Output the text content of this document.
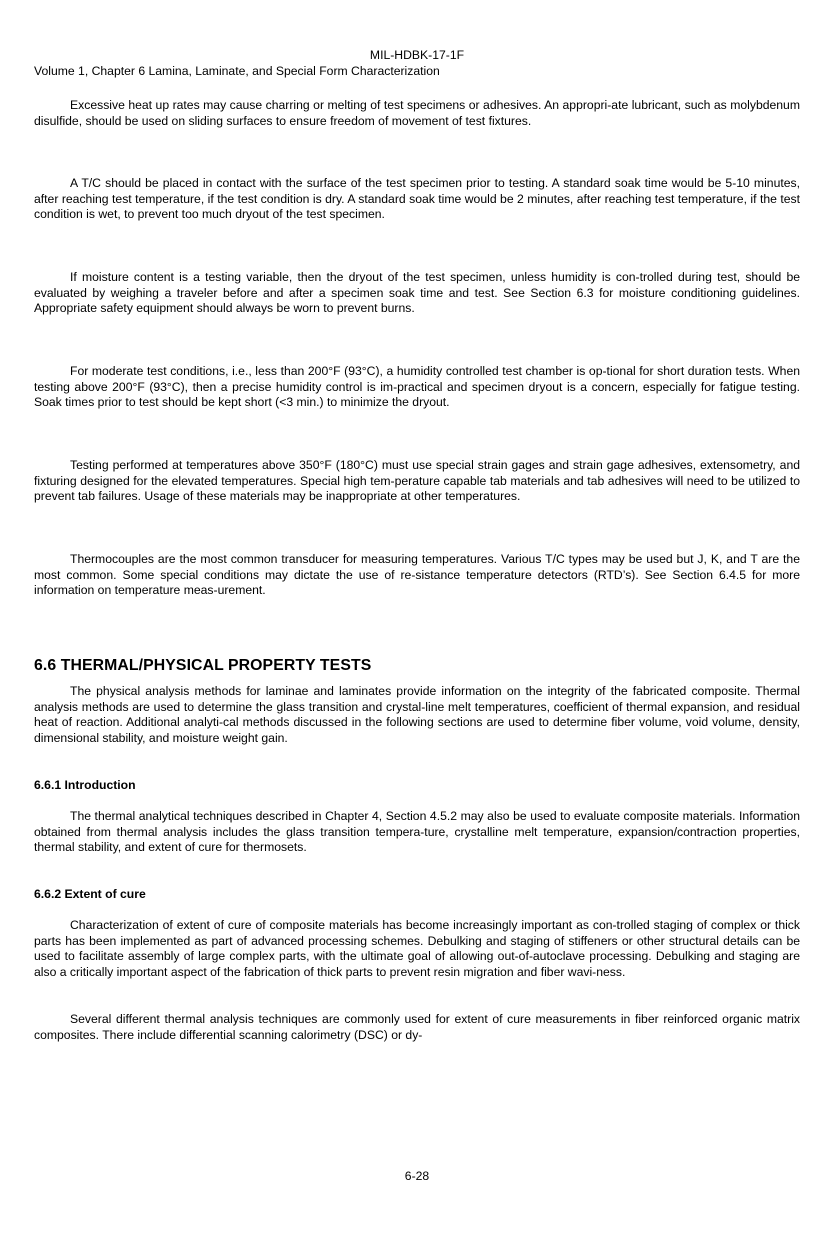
MIL-HDBK-17-1F
Volume 1, Chapter 6 Lamina, Laminate, and Special Form Characterization

Excessive heat up rates may cause charring or melting of test specimens or adhesives. An appropri-ate lubricant, such as molybdenum disulfide, should be used on sliding surfaces to ensure freedom of movement of test fixtures.

A T/C should be placed in contact with the surface of the test specimen prior to testing. A standard soak time would be 5-10 minutes, after reaching test temperature, if the test condition is dry. A standard soak time would be 2 minutes, after reaching test temperature, if the test condition is wet, to prevent too much dryout of the test specimen.

If moisture content is a testing variable, then the dryout of the test specimen, unless humidity is con-trolled during test, should be evaluated by weighing a traveler before and after a specimen soak time and test. See Section 6.3 for moisture conditioning guidelines. Appropriate safety equipment should always be worn to prevent burns.

For moderate test conditions, i.e., less than 200°F (93°C), a humidity controlled test chamber is op-tional for short duration tests. When testing above 200°F (93°C), then a precise humidity control is im-practical and specimen dryout is a concern, especially for fatigue testing. Soak times prior to test should be kept short (<3 min.) to minimize the dryout.

Testing performed at temperatures above 350°F (180°C) must use special strain gages and strain gage adhesives, extensometry, and fixturing designed for the elevated temperatures. Special high tem-perature capable tab materials and tab adhesives will need to be utilized to prevent tab failures. Usage of these materials may be inappropriate at other temperatures.

Thermocouples are the most common transducer for measuring temperatures. Various T/C types may be used but J, K, and T are the most common. Some special conditions may dictate the use of re-sistance temperature detectors (RTD’s). See Section 6.4.5 for more information on temperature meas-urement.

6.6 THERMAL/PHYSICAL PROPERTY TESTS

The physical analysis methods for laminae and laminates provide information on the integrity of the fabricated composite. Thermal analysis methods are used to determine the glass transition and crystal-line melt temperatures, coefficient of thermal expansion, and residual heat of reaction. Additional analyti-cal methods discussed in the following sections are used to determine fiber volume, void volume, density, dimensional stability, and moisture weight gain.

6.6.1 Introduction

The thermal analytical techniques described in Chapter 4, Section 4.5.2 may also be used to evaluate composite materials. Information obtained from thermal analysis includes the glass transition tempera-ture, crystalline melt temperature, expansion/contraction properties, thermal stability, and extent of cure for thermosets.

6.6.2 Extent of cure

Characterization of extent of cure of composite materials has become increasingly important as con-trolled staging of complex or thick parts has been implemented as part of advanced processing schemes. Debulking and staging of stiffeners or other structural details can be used to facilitate assembly of large complex parts, with the ultimate goal of allowing out-of-autoclave processing. Debulking and staging are also a critically important aspect of the fabrication of thick parts to prevent resin migration and fiber wavi-ness.

Several different thermal analysis techniques are commonly used for extent of cure measurements in fiber reinforced organic matrix composites. There include differential scanning calorimetry (DSC) or dy-

6-28
